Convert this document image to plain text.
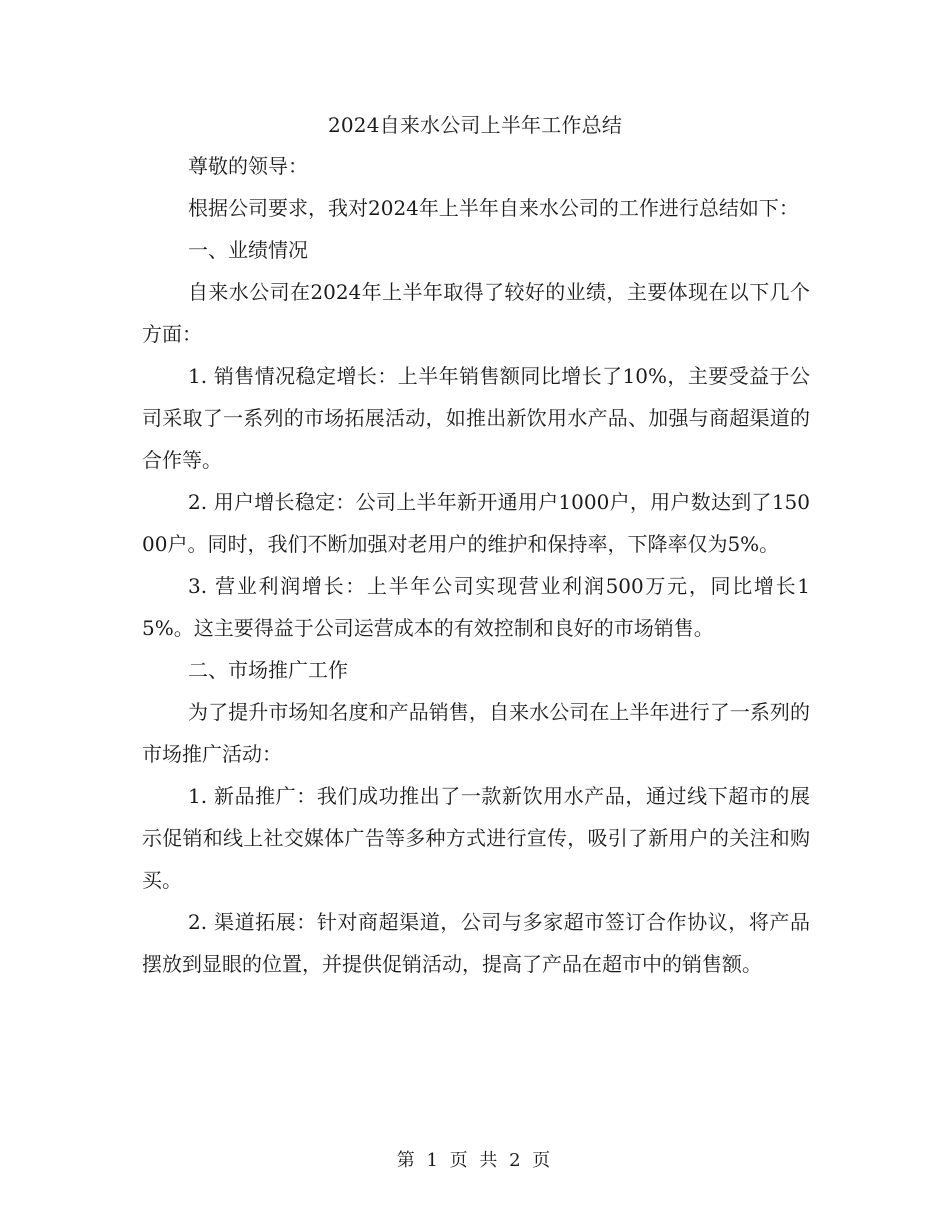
2024自来水公司上半年工作总结

尊敬的领导：

根据公司要求，我对2024年上半年自来水公司的工作进行总结如下：

一、业绩情况

自来水公司在2024年上半年取得了较好的业绩，主要体现在以下几个方面：

1. 销售情况稳定增长：上半年销售额同比增长了10%，主要受益于公司采取了一系列的市场拓展活动，如推出新饮用水产品、加强与商超渠道的合作等。

2. 用户增长稳定：公司上半年新开通用户1000户，用户数达到了15000户。同时，我们不断加强对老用户的维护和保持率，下降率仅为5%。

3. 营业利润增长：上半年公司实现营业利润500万元，同比增长15%。这主要得益于公司运营成本的有效控制和良好的市场销售。

二、市场推广工作

为了提升市场知名度和产品销售，自来水公司在上半年进行了一系列的市场推广活动：

1. 新品推广：我们成功推出了一款新饮用水产品，通过线下超市的展示促销和线上社交媒体广告等多种方式进行宣传，吸引了新用户的关注和购买。

2. 渠道拓展：针对商超渠道，公司与多家超市签订合作协议，将产品摆放到显眼的位置，并提供促销活动，提高了产品在超市中的销售额。

第 1 页 共 2 页
